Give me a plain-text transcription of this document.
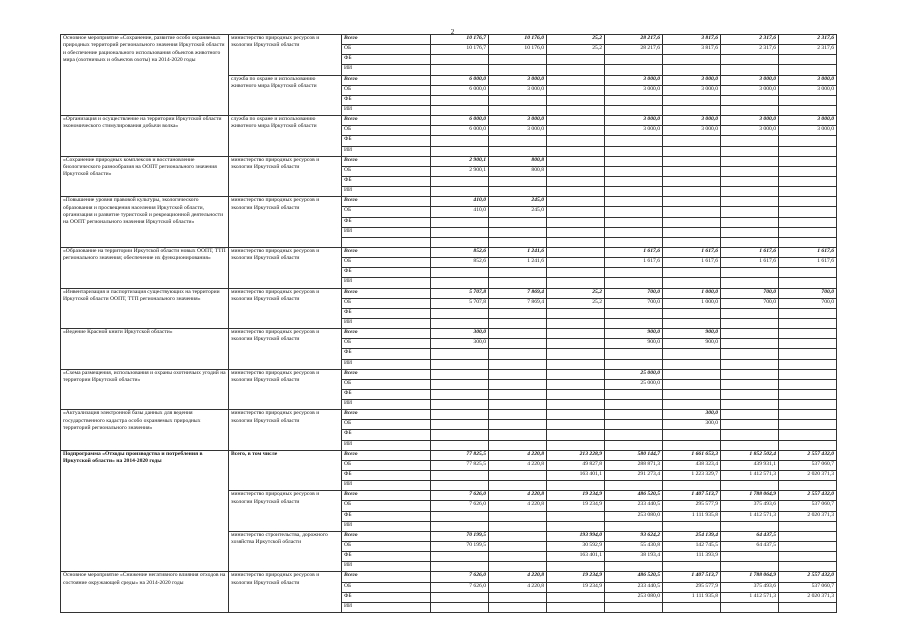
2
Основное мероприятие «Сохранение, развитие особо охраняемых природных территорий регионального значения Иркутской области и обеспечение рационального использования объектов животного мира (охотничьих и объектов охоты) на 2014-2020 годы	министерство природных ресурсов и экологии Иркутской области	Всего	10 176,7	10 176,0	25,2	28 217,6	3 817,6	2 317,6	2 317,6
		ОБ	10 176,7	10 176,0	25,2	28 217,6	3 817,6	2 317,6	2 317,6
		ФБ							
		ИИ							
	служба по охране и использованию животного мира Иркутской области	Всего	6 000,0	3 000,0		3 000,0	3 000,0	3 000,0	3 000,0
		ОБ	6 000,0	3 000,0		3 000,0	3 000,0	3 000,0	3 000,0
		ФБ							
		ИИ							
«Организация и осуществление на территории Иркутской области экономического стимулирования добычи волка»	служба по охране и использованию животного мира Иркутской области	Всего	6 000,0	3 000,0		3 000,0	3 000,0	3 000,0	3 000,0
		ОБ	6 000,0	3 000,0		3 000,0	3 000,0	3 000,0	3 000,0
		ФБ							
		ИИ							
«Сохранение природных комплексов и восстановление биологического разнообразия на ООПТ регионального значения Иркутской области»	министерство природных ресурсов и экологии Иркутской области	Всего	2 900,1	800,8					
		ОБ	2 900,1	800,8					
		ФБ							
		ИИ							
«Повышение уровня правовой культуры, экологического образования и просвещения населения Иркутской области, организация и развитие туристской и рекреационной деятельности на ООПТ регионального значения Иркутской области»	министерство природных ресурсов и экологии Иркутской области	Всего	410,0	245,0					
		ОБ	410,0	245,0					
		ФБ							
		ИИ							

«Образование на территории Иркутской области новых ООПТ, ТТП регионального значения; обеспечение их функционирования»	министерство природных ресурсов и экологии Иркутской области	Всего	852,6	1 241,6		1 617,6	1 617,6	1 617,6	1 617,6
		ОБ	852,6	1 241,6		1 617,6	1 617,6	1 617,6	1 617,6
		ФБ							
		ИИ							
«Инвентаризация и паспортизация существующих на территории Иркутской области ООПТ, ТТП регионального значения»	министерство природных ресурсов и экологии Иркутской области	Всего	5 707,8	7 869,4	25,2	700,0	1 000,0	700,0	700,0
		ОБ	5 707,8	7 869,4	25,2	700,0	1 000,0	700,0	700,0
		ФБ							
		ИИ							
«Ведение Красной книги Иркутской области»	министерство природных ресурсов и экологии Иркутской области	Всего	300,0			900,0	900,0		
		ОБ	300,0			900,0	900,0		
		ФБ							
		ИИ							
«Схема размещения, использования и охраны охотничьих угодий на территории Иркутской области»	министерство природных ресурсов и экологии Иркутской области	Всего				25 000,0			
		ОБ				25 000,0			
		ФБ							
		ИИ							
«Актуализация электронной базы данных для ведения государственного кадастра особо охраняемых природных территорий регионального значения»	министерство природных ресурсов и экологии Иркутской области	Всего					300,0		
		ОБ					300,0		
		ФБ							
		ИИ							
Подпрограмма «Отходы производства и потребления в Иркутской области» на 2014-2020 годы	Всего, в том числе	Всего	77 825,5	4 220,8	213 228,9	580 144,7	1 661 653,3	1 852 502,4	2 557 432,0
		ОБ	77 825,5	4 220,8	49 827,8	288 871,3	438 323,4	439 931,1	537 060,7
		ФБ			163 401,1	291 273,4	1 223 329,7	1 412 571,3	2 020 371,3
		ИИ							
	министерство природных ресурсов и экологии Иркутской области	Всего	7 626,0	4 220,8	19 234,9	486 520,5	1 407 513,7	1 788 064,9	2 557 432,0
		ОБ	7 626,0	4 220,8	19 234,9	233 440,5	295 577,9	375 493,6	537 060,7
		ФБ				253 080,0	1 111 935,8	1 412 571,3	2 020 371,3
		ИИ							
	министерство строительства, дорожного хозяйства Иркутской области	Всего	70 199,5		193 994,0	93 624,2	254 139,4	64 437,5	
		ОБ	70 199,5		30 592,9	55 430,8	142 745,5	64 437,5	
		ФБ			163 401,1	38 193,4	111 393,9		
		ИИ							
Основное мероприятие «Снижение негативного влияния отходов на состояние окружающей среды» на 2014-2020 годы	министерство природных ресурсов и экологии Иркутской области	Всего	7 626,0	4 220,8	19 234,9	486 520,5	1 407 513,7	1 788 064,9	2 557 432,0
		ОБ	7 626,0	4 220,8	19 234,9	233 440,5	295 577,9	375 493,6	537 060,7
		ФБ				253 080,0	1 111 935,8	1 412 571,3	2 020 371,3
		ИИ							
